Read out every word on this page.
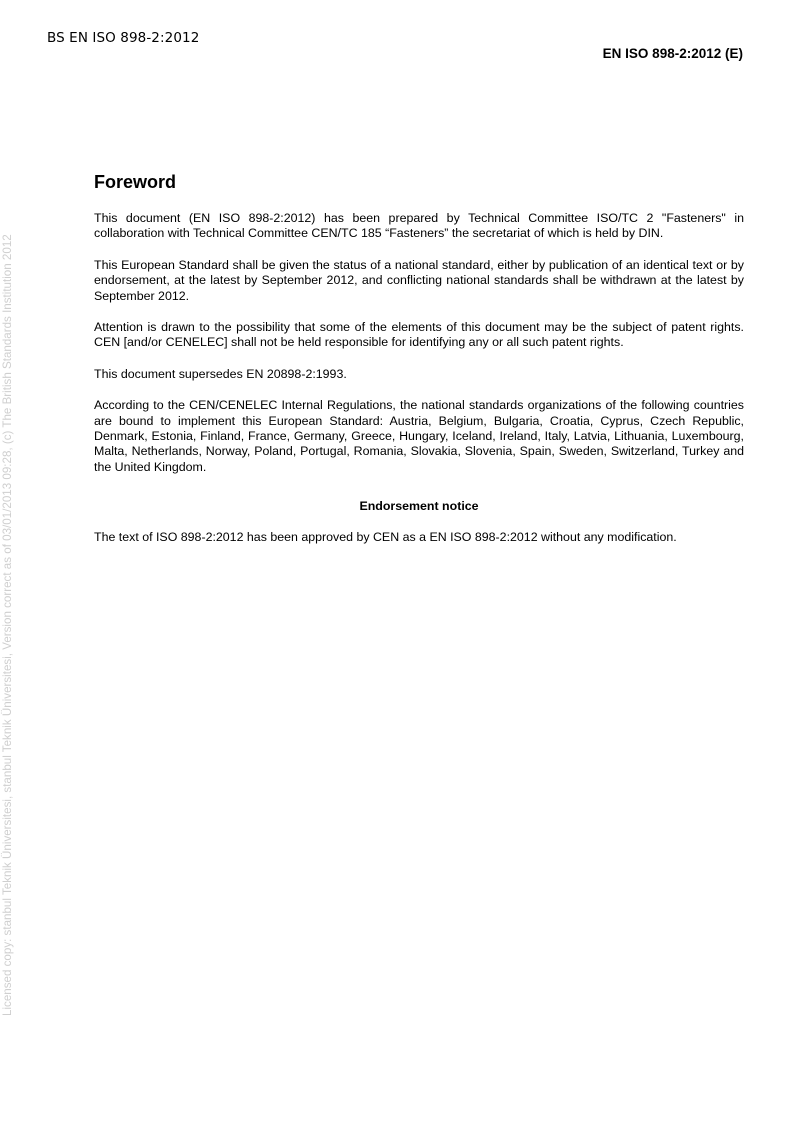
BS EN ISO 898-2:2012
EN ISO 898-2:2012 (E)
Licensed copy: stanbul Teknik Üniversitesi, stanbul Teknik Üniversitesi, Version correct as of 03/01/2013 09:28, (c) The British Standards Institution 2012
Foreword

This document (EN ISO 898-2:2012) has been prepared by Technical Committee ISO/TC 2 "Fasteners" in collaboration with Technical Committee CEN/TC 185 “Fasteners” the secretariat of which is held by DIN.

This European Standard shall be given the status of a national standard, either by publication of an identical text or by endorsement, at the latest by September 2012, and conflicting national standards shall be withdrawn at the latest by September 2012.

Attention is drawn to the possibility that some of the elements of this document may be the subject of patent rights. CEN [and/or CENELEC] shall not be held responsible for identifying any or all such patent rights.

This document supersedes EN 20898-2:1993.

According to the CEN/CENELEC Internal Regulations, the national standards organizations of the following countries are bound to implement this European Standard: Austria, Belgium, Bulgaria, Croatia, Cyprus, Czech Republic, Denmark, Estonia, Finland, France, Germany, Greece, Hungary, Iceland, Ireland, Italy, Latvia, Lithuania, Luxembourg, Malta, Netherlands, Norway, Poland, Portugal, Romania, Slovakia, Slovenia, Spain, Sweden, Switzerland, Turkey and the United Kingdom.

Endorsement notice

The text of ISO 898-2:2012 has been approved by CEN as a EN ISO 898-2:2012 without any modification.
